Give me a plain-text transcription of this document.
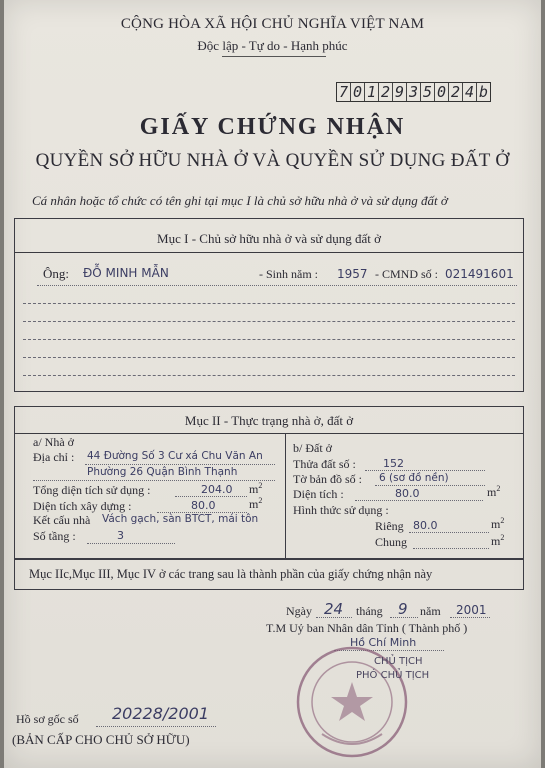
CỘNG HÒA XÃ HỘI CHỦ NGHĨA VIỆT NAM
Độc lập - Tự do - Hạnh phúc
7 0 1 2 9 3 5 0 2 4 b
GIẤY CHỨNG NHẬN
QUYỀN SỞ HỮU NHÀ Ở VÀ QUYỀN SỬ DỤNG ĐẤT Ở
Cá nhân hoặc tổ chức có tên ghi tại mục I là chủ sở hữu nhà ở và sử dụng đất ở
Mục I - Chủ sở hữu nhà ở và sử dụng đất ở
Ông: ĐỖ MINH MẪN	- Sinh năm : 1957 - CMND số : 021491601
Mục II - Thực trạng nhà ở, đất ở
a/ Nhà ở
Địa chỉ : 44 Đường Số 3 Cư xá Chu Văn An
Phường 26 Quận Bình Thạnh
Tổng diện tích sử dụng :	204.0 $m^2$
Diện tích xây dựng :	80.0	$m^2$
Kết cấu nhà Vách gạch, sàn BTCT, mái tôn
Số tầng :	3
b/ Đất ở
Thửa đất số : 152
Tờ bản đồ số : 6 (sơ đồ nền)
Diện tích :	80.0	$m^2$
Hình thức sử dụng :
Riêng 80.0	$m^2$
Chung	$m^2$
Mục IIc,Mục III, Mục IV ở các trang sau là thành phần của giấy chứng nhận này
Ngày 24 tháng 9 năm 2001
T.M Uỷ ban Nhân dân Tỉnh ( Thành phố )
Hồ Chí Minh
CHỦ TỊCH
PHÓ CHỦ TỊCH
Hồ sơ gốc số 20228/2001
(BẢN CẤP CHO CHỦ SỞ HỮU)
